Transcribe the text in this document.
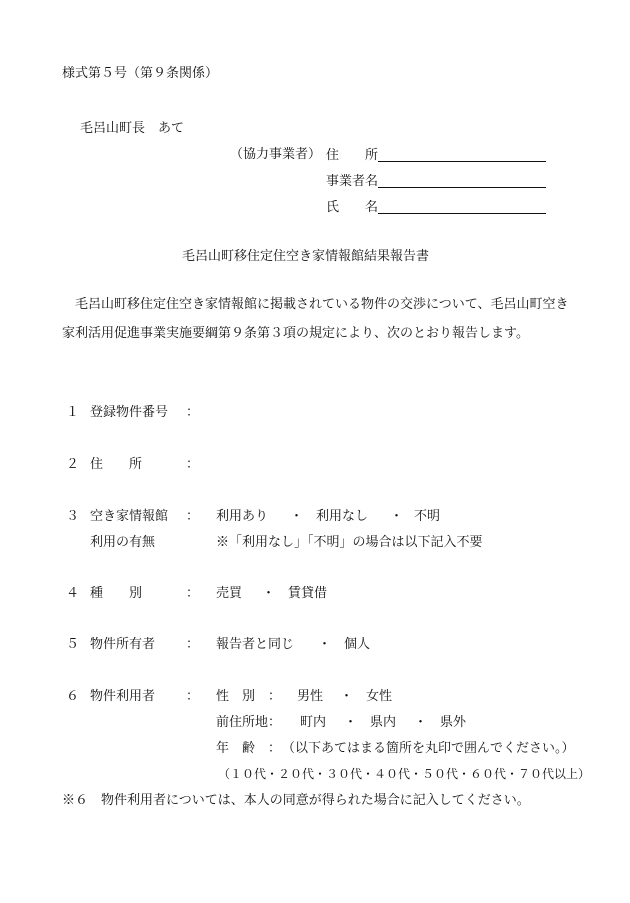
様式第５号（第９条関係）
毛呂山町長　あて
（協力事業者） 住　　所
事業者名
氏　　名
毛呂山町移住定住空き家情報館結果報告書
毛呂山町移住定住空き家情報館に掲載されている物件の交渉について、毛呂山町空き家利活用促進事業実施要綱第９条第３項の規定により、次のとおり報告します。
１ 登録物件番号 ：
２ 住　　所	：
３ 空き家情報館
利用の有無
： 利用あり ・ 利用なし ・ 不明
※「利用なし」「不明」の場合は以下記入不要
４ 種　　別	： 売買 ・ 賃貸借
５ 物件所有者 ： 報告者と同じ ・ 個人
６ 物件利用者 ： 性　別　： 男性 ・ 女性
前住所地： 町内 ・ 県内 ・ 県外
年　齢　： （以下あてはまる箇所を丸印で囲んでください。）
（１０代・２０代・３０代・４０代・５０代・６０代・７０代以上）
※６　物件利用者については、本人の同意が得られた場合に記入してください。
